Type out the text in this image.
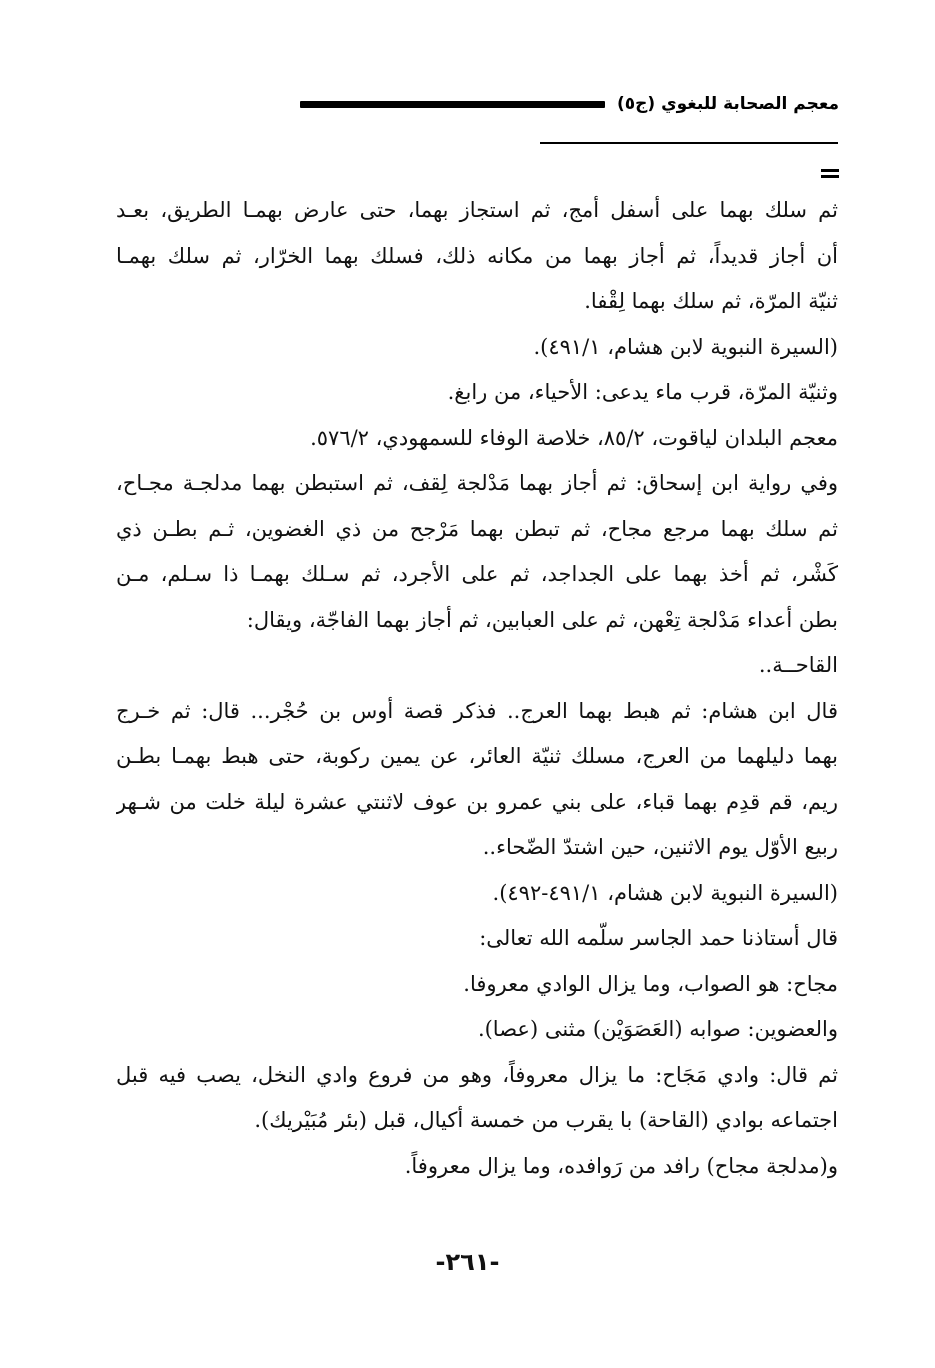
معجم الصحابة للبغوي (ج٥)
ثم سلك بهما على أسفل أمج، ثم استجاز بهما، حتى عارض بهمـا الطريق، بعـد
أن أجاز قديداً، ثم أجاز بهما من مكانه ذلك، فسلك بهما الخرّار، ثم سلك بهمـا
ثنيّة المرّة، ثم سلك بهما لِقْفا.
(السيرة النبوية لابن هشام، ٤٩١/١).
وثنيّة المرّة، قرب ماء يدعى: الأحياء، من رابغ.
معجم البلدان لياقوت، ٨٥/٢، خلاصة الوفاء للسمهودي، ٥٧٦/٢.
وفي رواية ابن إسحاق: ثم أجاز بهما مَدْلجة لِقف، ثم استبطن بهما مدلجـة مجـاح،
ثم سلك بهما مرجع مجاح، ثم تبطن بهما مَرْجح من ذي الغضوين، ثـم بطـن ذي
كَشْر، ثم أخذ بهما على الجداجد، ثم على الأجرد، ثم سـلك بهمـا ذا سـلم، مـن
بطن أعداء مَدْلجة تِعْهن، ثم على العبابين، ثم أجاز بهما الفاجّة، ويقال:
القاحــة..
قال ابن هشام: ثم هبط بهما العرج.. فذكر قصة أوس بن حُجْر... قال: ثم خـرج
بهما دليلهما من العرج، مسلك ثنيّة العائر، عن يمين ركوبة، حتى هبط بهمـا بطـن
ريم، قم قدِم بهما قباء، على بني عمرو بن عوف لاثنتي عشرة ليلة خلت من شـهر
ربيع الأوّل يوم الاثنين، حين اشتدّ الضّحاء..
(السيرة النبوية لابن هشام، ٤٩١/١-٤٩٢).
قال أستاذنا حمد الجاسر سلّمه الله تعالى:
مجاح: هو الصواب، وما يزال الوادي معروفا.
والعضوين: صوابه (العَصَوَيْن) مثنى (عصا).
ثم قال: وادي مَجَاح: ما يزال معروفاً، وهو من فروع وادي النخل، يصب فيه قبل
اجتماعه بوادي (القاحة) با يقرب من خمسة أكيال، قبل (بئر مُبَيْريك).
و(مدلجة مجاح) رافد من رَوافده، وما يزال معروفاً.
-٢٦١-
